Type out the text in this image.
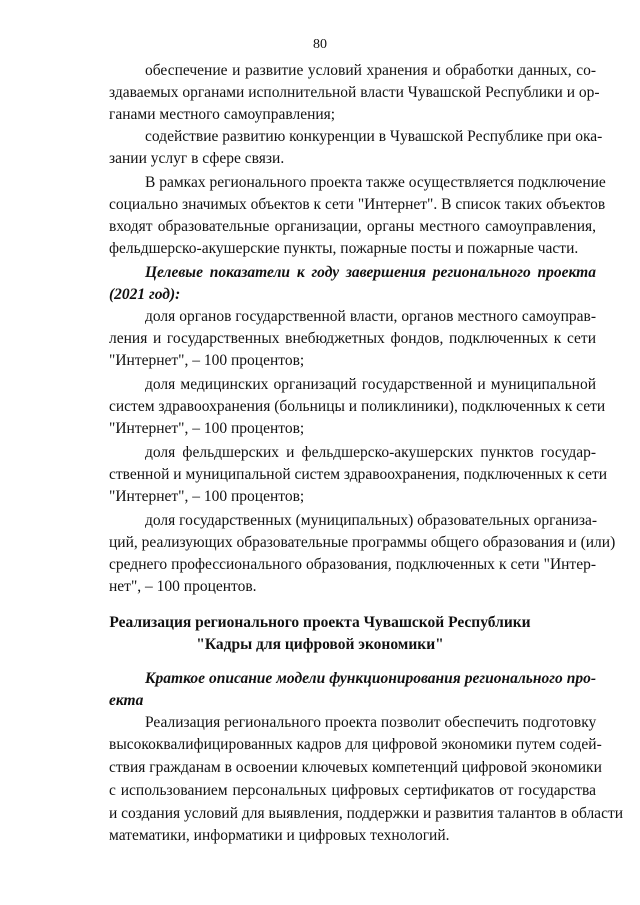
80
обеспечение и развитие условий хранения и обработки данных, со-
здаваемых органами исполнительной власти Чувашской Республики и ор-
ганами местного самоуправления;
содействие развитию конкуренции в Чувашской Республике при ока-
зании услуг в сфере связи.
В рамках регионального проекта также осуществляется подключение
социально значимых объектов к сети "Интернет". В список таких объектов
входят образовательные организации, органы местного самоуправления,
фельдшерско-акушерские пункты, пожарные посты и пожарные части.
Целевые показатели к году завершения регионального проекта
(2021 год):
доля органов государственной власти, органов местного самоуправ-
ления и государственных внебюджетных фондов, подключенных к сети
"Интернет", – 100 процентов;
доля медицинских организаций государственной и муниципальной
систем здравоохранения (больницы и поликлиники), подключенных к сети
"Интернет", – 100 процентов;
доля фельдшерских и фельдшерско-акушерских пунктов государ-
ственной и муниципальной систем здравоохранения, подключенных к сети
"Интернет", – 100 процентов;
доля государственных (муниципальных) образовательных организа-
ций, реализующих образовательные программы общего образования и (или)
среднего профессионального образования, подключенных к сети "Интер-
нет", – 100 процентов.
Реализация регионального проекта Чувашской Республики
"Кадры для цифровой экономики"
Краткое описание модели функционирования регионального про-
екта
Реализация регионального проекта позволит обеспечить подготовку
высококвалифицированных кадров для цифровой экономики путем содей-
ствия гражданам в освоении ключевых компетенций цифровой экономики
с использованием персональных цифровых сертификатов от государства
и создания условий для выявления, поддержки и развития талантов в области
математики, информатики и цифровых технологий.
